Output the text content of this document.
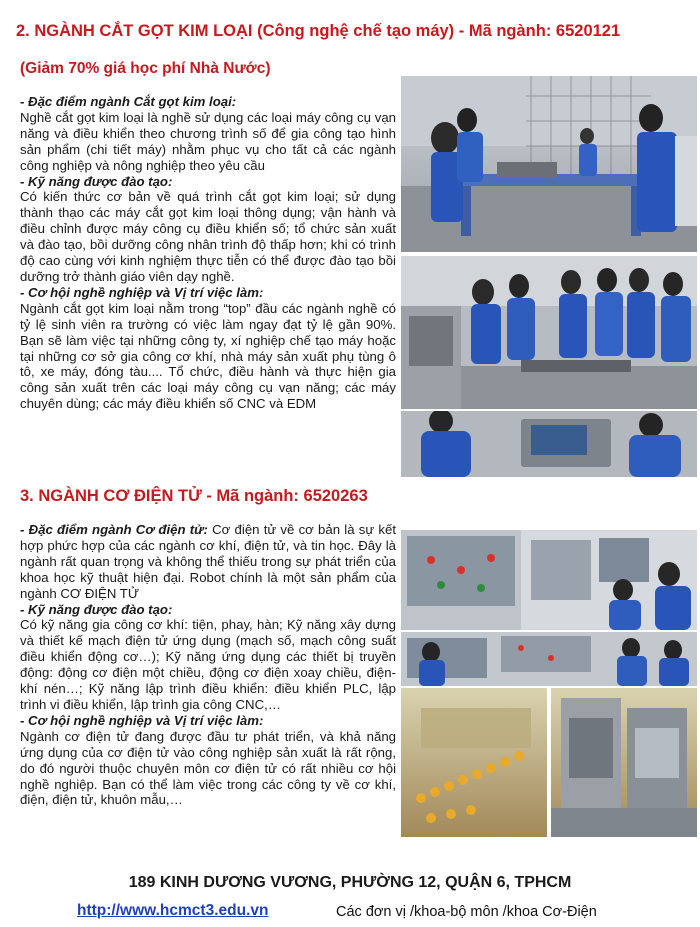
2. NGÀNH CẮT GỌT KIM LOẠI (Công nghệ chế tạo máy) - Mã ngành: 6520121
(Giảm 70% giá học phí Nhà Nước)

- Đặc điểm ngành Cắt gọt kim loại:

Nghề cắt gọt kim loại là nghề sử dụng các loại máy công cụ vạn năng và điều khiển theo chương trình số để gia công tạo hình sản phẩm (chi tiết máy) nhằm phục vụ cho tất cả các ngành công nghiệp và nông nghiệp theo yêu cầu

- Kỹ năng được đào tạo:

Có kiến thức cơ bản về quá trình cắt gọt kim loại; sử dụng thành thạo các máy cắt gọt kim loại thông dụng; vận hành và điều chỉnh được máy công cụ điều khiển số; tổ chức sản xuất và đào tạo, bồi dưỡng công nhân trình độ thấp hơn; khi có trình độ cao cùng với kinh nghiệm thực tiễn có thể được đào tạo bồi dưỡng trở thành giáo viên dạy nghề.

- Cơ hội nghề nghiệp và Vị trí việc làm:

Ngành cắt gọt kim loại nằm trong “top” đầu các ngành nghề có tỷ lệ sinh viên ra trường có việc làm ngay đạt tỷ lệ gần 90%. Bạn sẽ làm việc tại những công ty, xí nghiệp chế tạo máy hoặc tại những cơ sở gia công cơ khí, nhà máy sản xuất phụ tùng ô tô, xe máy, đóng tàu.... Tổ chức, điều hành và thực hiện gia công sản xuất trên các loại máy công cụ vạn năng; các máy chuyên dùng; các máy điều khiển số CNC và EDM

3. NGÀNH CƠ ĐIỆN TỬ - Mã ngành: 6520263

- Đặc điểm ngành Cơ điện tử: Cơ điện tử về cơ bản là sự kết hợp phức hợp của các ngành cơ khí, điện tử, và tin học. Đây là ngành rất quan trọng và không thể thiếu trong sự phát triển của khoa học kỹ thuật hiện đại. Robot chính là một sản phẩm của ngành CƠ ĐIỆN TỬ

- Kỹ năng được đào tạo:

Có kỹ năng gia công cơ khí: tiện, phay, hàn; Kỹ năng xây dựng và thiết kế mạch điện tử ứng dụng (mạch số, mạch công suất điều khiển động cơ…); Kỹ năng ứng dụng các thiết bị truyền động: động cơ điện một chiều, động cơ điện xoay chiều, điện-khí nén…; Kỹ năng lập trình điều khiển: điều khiển PLC, lập trình vi điều khiển, lập trình gia công CNC,…

- Cơ hội nghề nghiệp và Vị trí việc làm:

Ngành cơ điện tử đang được đầu tư phát triển, và khả năng ứng dụng của cơ điện tử vào công nghiệp sản xuất là rất rộng, do đó người thuộc chuyên môn cơ điện tử có rất nhiều cơ hội nghề nghiệp. Bạn có thể làm việc trong các công ty về cơ khí, điện, điện tử, khuôn mẫu,…

189 KINH DƯƠNG VƯƠNG, PHƯỜNG 12, QUẬN 6, TPHCM
http://www.hcmct3.edu.vn	Các đơn vị /khoa-bộ môn /khoa Cơ-Điện
